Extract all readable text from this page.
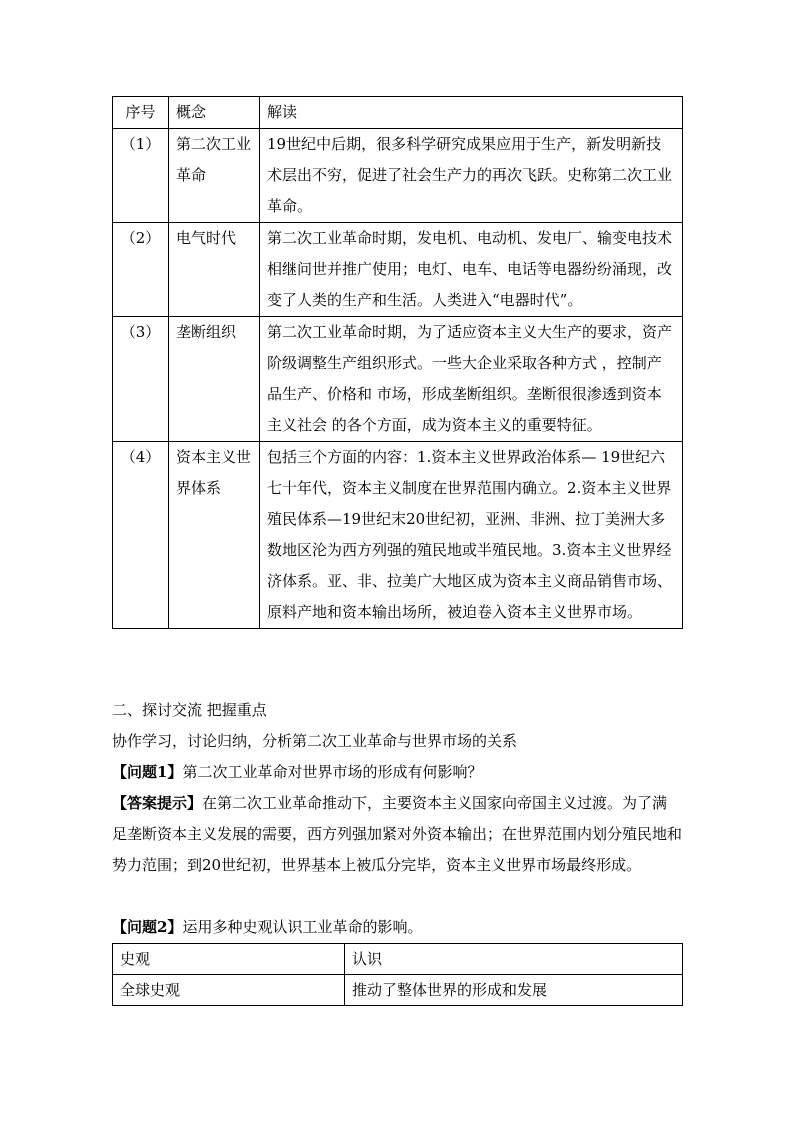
序号	概念	解读
（1）	第二次工业革命	19世纪中后期，很多科学研究成果应用于生产，新发明新技术层出不穷，促进了社会生产力的再次飞跃。史称第二次工业革命。
（2）	电气时代	第二次工业革命时期，发电机、电动机、发电厂、输变电技术相继问世并推广使用；电灯、电车、电话等电器纷纷涌现，改变了人类的生产和生活。人类进入“电器时代”。
（3）	垄断组织	第二次工业革命时期，为了适应资本主义大生产的要求，资产阶级调整生产组织形式。一些大企业采取各种方式 ，控制产品生产、价格和 市场，形成垄断组织。垄断很很渗透到资本主义社会 的各个方面，成为资本主义的重要特征。
（4）	资本主义世界体系	包括三个方面的内容：1.资本主义世界政治体系— 19世纪六七十年代，资本主义制度在世界范围内确立。2.资本主义世界殖民体系—19世纪末20世纪初，亚洲、非洲、拉丁美洲大多数地区沦为西方列强的殖民地或半殖民地。3.资本主义世界经济体系。亚、非、拉美广大地区成为资本主义商品销售市场、原料产地和资本输出场所，被迫卷入资本主义世界市场。

二、探讨交流 把握重点

协作学习，讨论归纳，分析第二次工业革命与世界市场的关系

【问题1】第二次工业革命对世界市场的形成有何影响？

【答案提示】在第二次工业革命推动下，主要资本主义国家向帝国主义过渡。为了满足垄断资本主义发展的需要，西方列强加紧对外资本输出；在世界范围内划分殖民地和势力范围；到20世纪初，世界基本上被瓜分完毕，资本主义世界市场最终形成。

【问题2】运用多种史观认识工业革命的影响。

史观	认识
全球史观	推动了整体世界的形成和发展
